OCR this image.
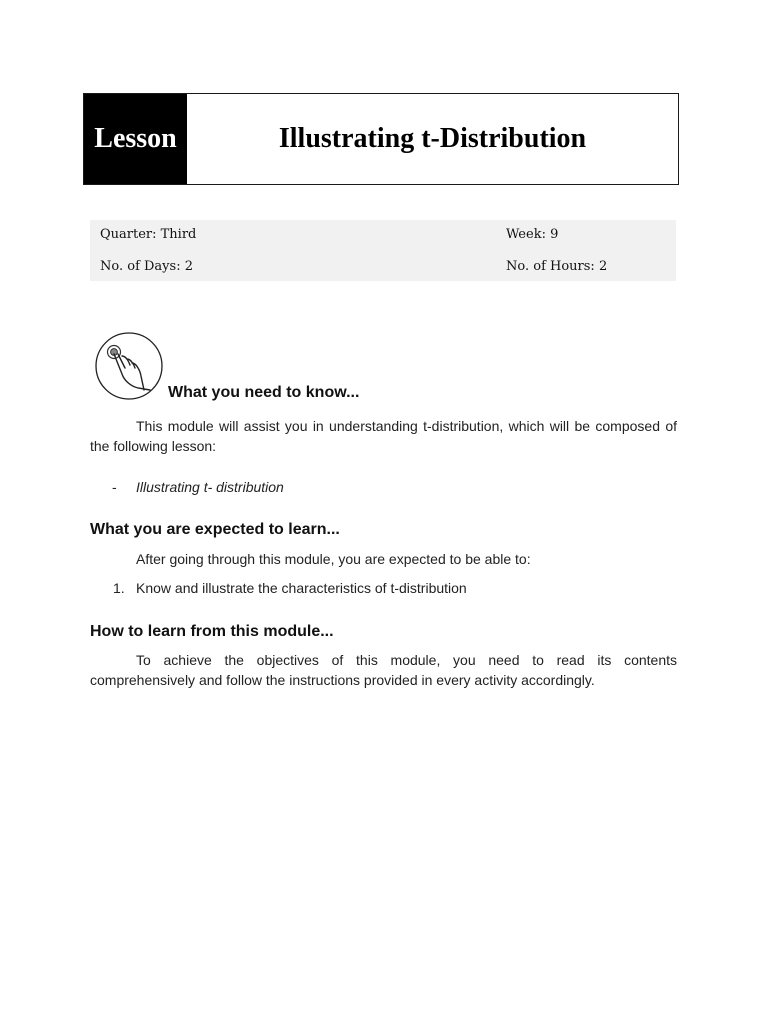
Lesson	Illustrating t-Distribution
Quarter: Third	Week: 9
No. of Days: 2	No. of Hours: 2
What you need to know...
This module will assist you in understanding t-distribution, which will be composed of the following lesson:
- Illustrating t- distribution
What you are expected to learn...
After going through this module, you are expected to be able to:
1. Know and illustrate the characteristics of t-distribution
How to learn from this module...
To achieve the objectives of this module, you need to read its contents comprehensively and follow the instructions provided in every activity accordingly.
